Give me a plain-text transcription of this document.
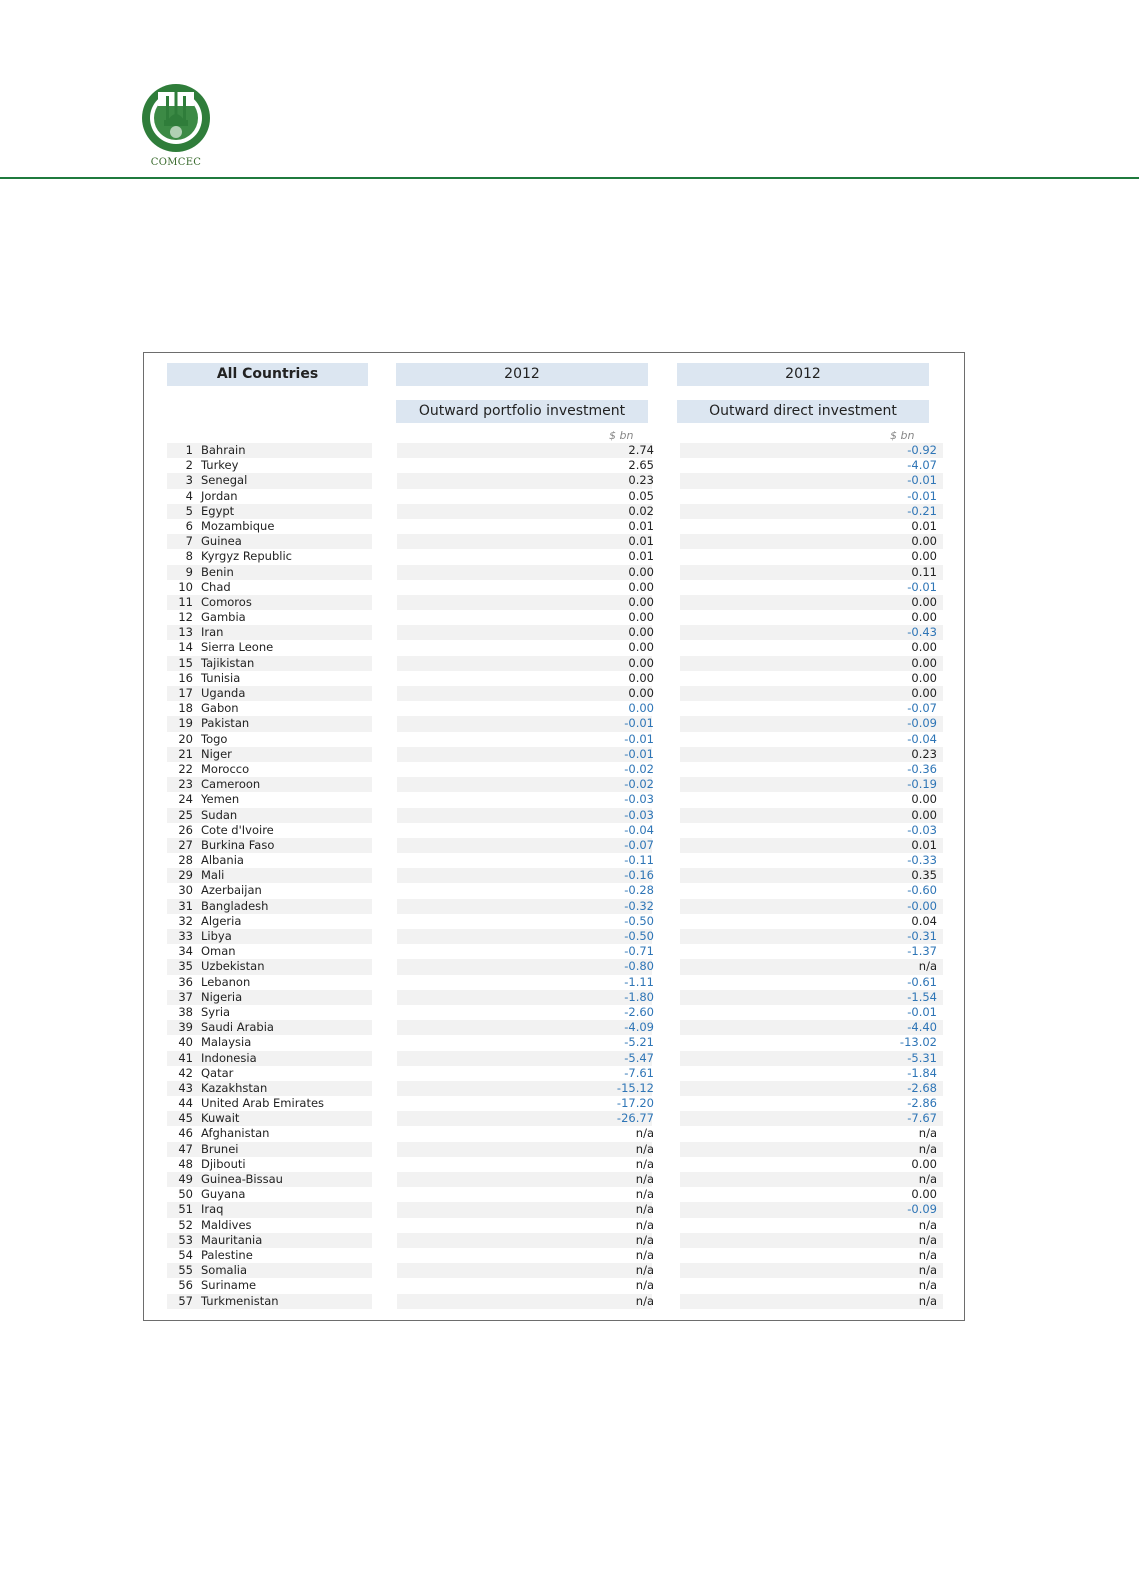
COMCEC
All Countries	2012	2012
Outward portfolio investment	Outward direct investment
$ bn	$ bn
1 Bahrain	2.74	-0.92
2 Turkey	2.65	-4.07
3 Senegal	0.23	-0.01
4 Jordan	0.05	-0.01
5 Egypt	0.02	-0.21
6 Mozambique	0.01	0.01
7 Guinea	0.01	0.00
8 Kyrgyz Republic	0.01	0.00
9 Benin	0.00	0.11
10 Chad	0.00	-0.01
11 Comoros	0.00	0.00
12 Gambia	0.00	0.00
13 Iran	0.00	-0.43
14 Sierra Leone	0.00	0.00
15 Tajikistan	0.00	0.00
16 Tunisia	0.00	0.00
17 Uganda	0.00	0.00
18 Gabon	0.00	-0.07
19 Pakistan	-0.01	-0.09
20 Togo	-0.01	-0.04
21 Niger	-0.01	0.23
22 Morocco	-0.02	-0.36
23 Cameroon	-0.02	-0.19
24 Yemen	-0.03	0.00
25 Sudan	-0.03	0.00
26 Cote d'Ivoire	-0.04	-0.03
27 Burkina Faso	-0.07	0.01
28 Albania	-0.11	-0.33
29 Mali	-0.16	0.35
30 Azerbaijan	-0.28	-0.60
31 Bangladesh	-0.32	-0.00
32 Algeria	-0.50	0.04
33 Libya	-0.50	-0.31
34 Oman	-0.71	-1.37
35 Uzbekistan	-0.80	n/a
36 Lebanon	-1.11	-0.61
37 Nigeria	-1.80	-1.54
38 Syria	-2.60	-0.01
39 Saudi Arabia	-4.09	-4.40
40 Malaysia	-5.21	-13.02
41 Indonesia	-5.47	-5.31
42 Qatar	-7.61	-1.84
43 Kazakhstan	-15.12	-2.68
44 United Arab Emirates	-17.20	-2.86
45 Kuwait	-26.77	-7.67
46 Afghanistan	n/a	n/a
47 Brunei	n/a	n/a
48 Djibouti	n/a	0.00
49 Guinea-Bissau	n/a	n/a
50 Guyana	n/a	0.00
51 Iraq	n/a	-0.09
52 Maldives	n/a	n/a
53 Mauritania	n/a	n/a
54 Palestine	n/a	n/a
55 Somalia	n/a	n/a
56 Suriname	n/a	n/a
57 Turkmenistan	n/a	n/a
